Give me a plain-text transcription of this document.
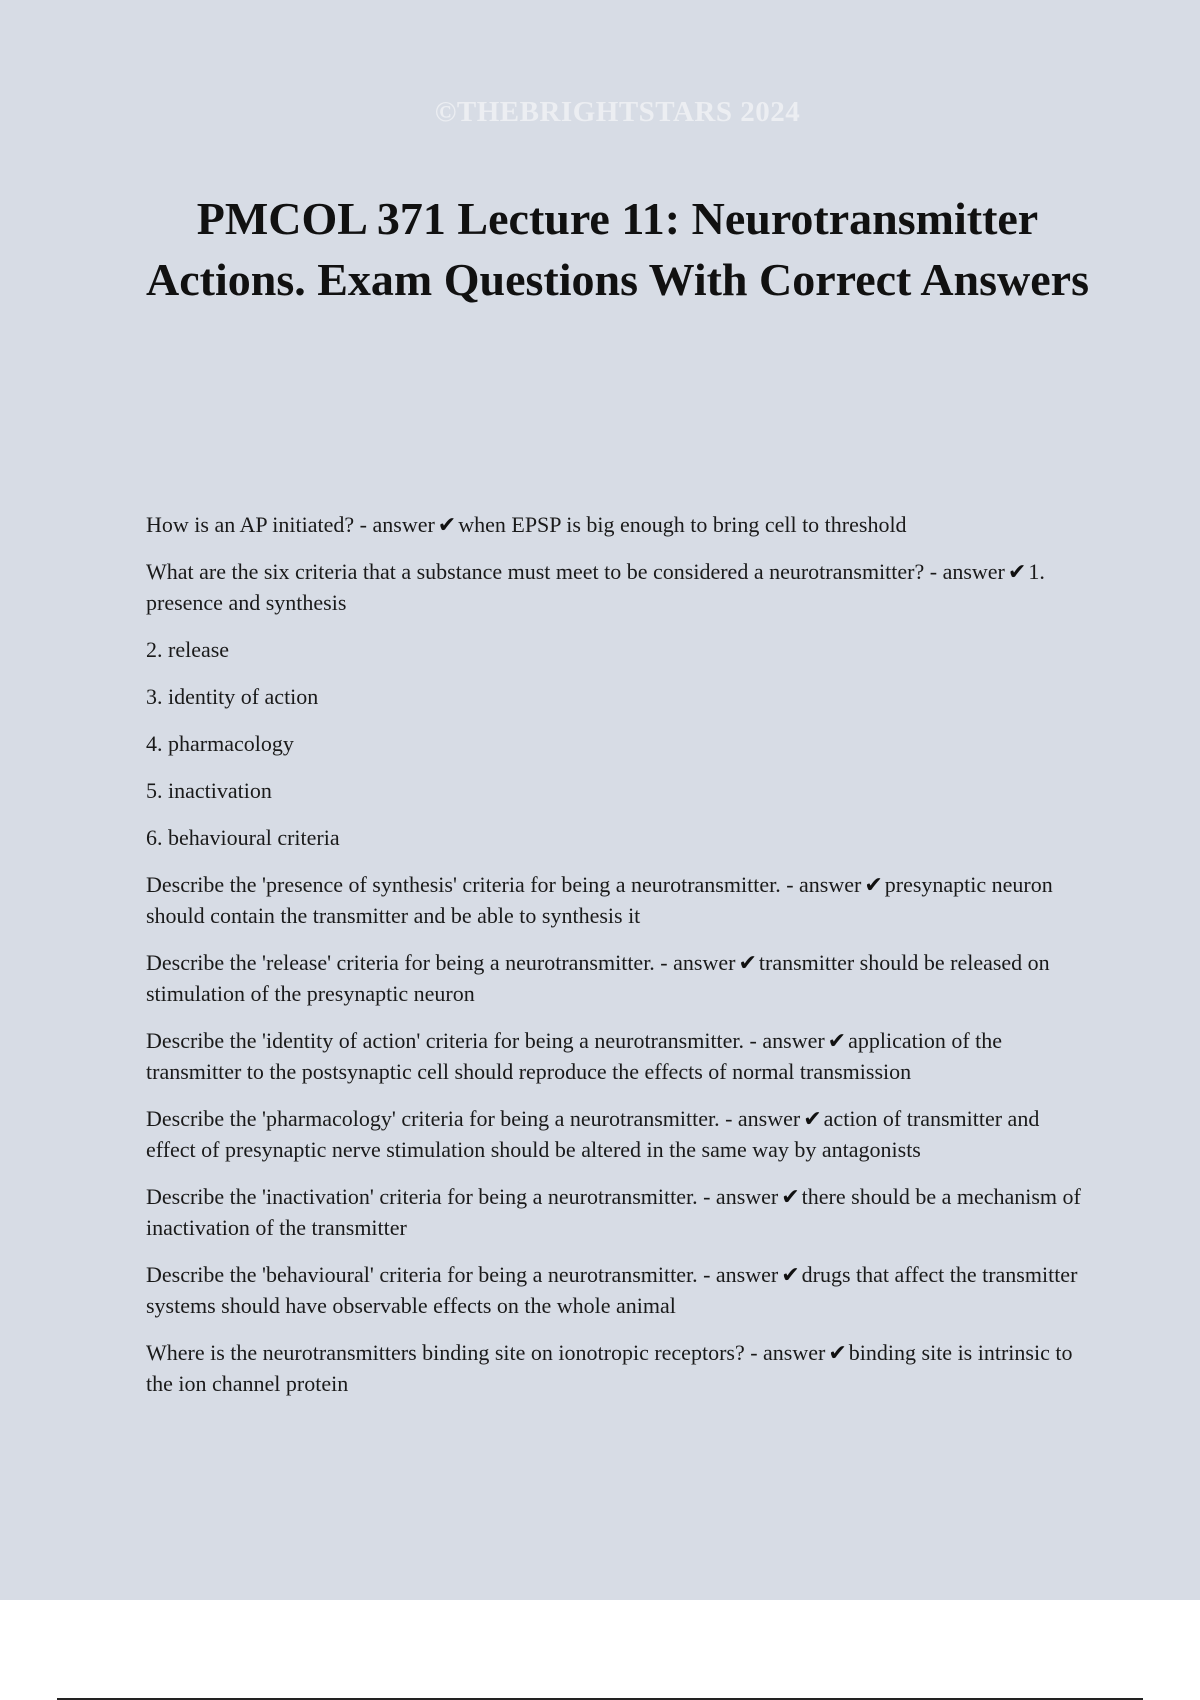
©THEBRIGHTSTARS 2024
PMCOL 371 Lecture 11: Neurotransmitter Actions. Exam Questions With Correct Answers

How is an AP initiated? - answer ✔when EPSP is big enough to bring cell to threshold

What are the six criteria that a substance must meet to be considered a neurotransmitter? - answer ✔1. presence and synthesis

2. release

3. identity of action

4. pharmacology

5. inactivation

6. behavioural criteria

Describe the 'presence of synthesis' criteria for being a neurotransmitter. - answer ✔presynaptic neuron should contain the transmitter and be able to synthesis it

Describe the 'release' criteria for being a neurotransmitter. - answer ✔transmitter should be released on stimulation of the presynaptic neuron

Describe the 'identity of action' criteria for being a neurotransmitter. - answer ✔application of the transmitter to the postsynaptic cell should reproduce the effects of normal transmission

Describe the 'pharmacology' criteria for being a neurotransmitter. - answer ✔action of transmitter and effect of presynaptic nerve stimulation should be altered in the same way by antagonists

Describe the 'inactivation' criteria for being a neurotransmitter. - answer ✔there should be a mechanism of inactivation of the transmitter

Describe the 'behavioural' criteria for being a neurotransmitter. - answer ✔drugs that affect the transmitter systems should have observable effects on the whole animal

Where is the neurotransmitters binding site on ionotropic receptors? - answer ✔binding site is intrinsic to the ion channel protein
